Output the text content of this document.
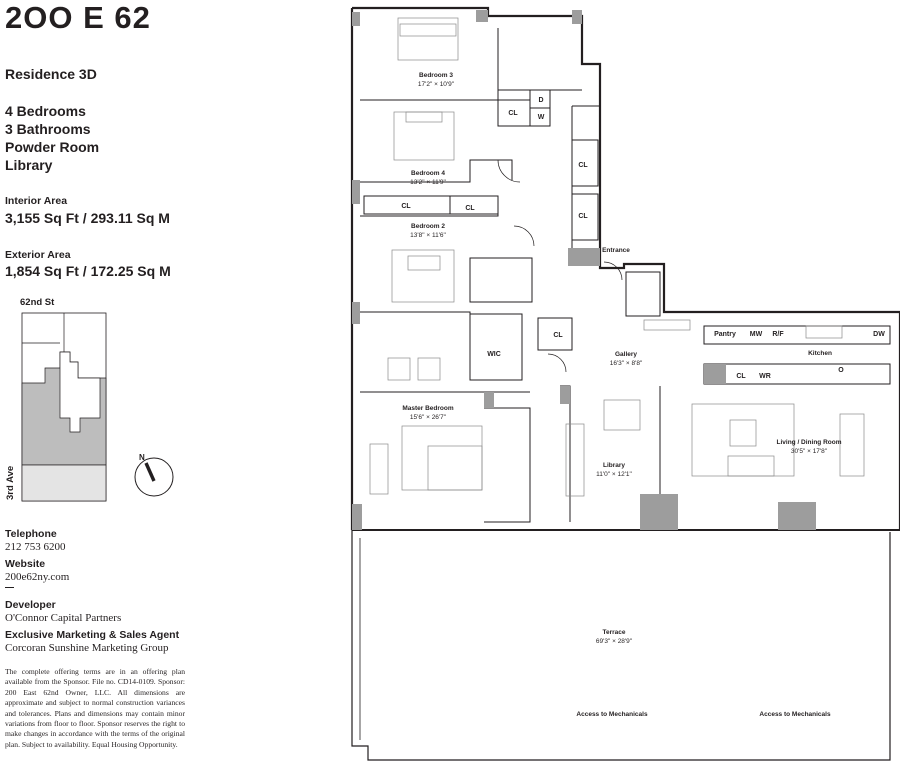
2OO E 62
Residence 3D
4 Bedrooms
3 Bathrooms
Powder Room
Library
Interior Area
3,155 Sq Ft / 293.11 Sq M
Exterior Area
1,854 Sq Ft / 172.25 Sq M
62nd St
3rd Ave
N
Telephone
212 753 6200
Website
200e62ny.com
Developer
O'Connor Capital Partners
Exclusive Marketing & Sales Agent
Corcoran Sunshine Marketing Group
The complete offering terms are in an offering plan available from the Sponsor. File no. CD14-0109. Sponsor: 200 East 62nd Owner, LLC. All dimensions are approximate and subject to normal construction variances and tolerances. Plans and dimensions may contain minor variations from floor to floor. Sponsor reserves the right to make changes in accordance with the terms of the original plan. Subject to availability. Equal Housing Opportunity.
Bedroom 3
17'2" × 10'9"
Bedroom 4
13'2" × 11'9"
Bedroom 2
13'8" × 11'6"
Master Bedroom
15'6" × 26'7"
Gallery
16'3" × 8'8"
Library
11'0" × 12'1"
Living / Dining Room
30'5" × 17'8"
Kitchen
Entrance
Terrace
69'3" × 28'9"
Access to Mechanicals	Access to Mechanicals
CL
D
W
CL
CL
CL	CL
CL
WIC
CL WR
Pantry MW R/F	DW
O
